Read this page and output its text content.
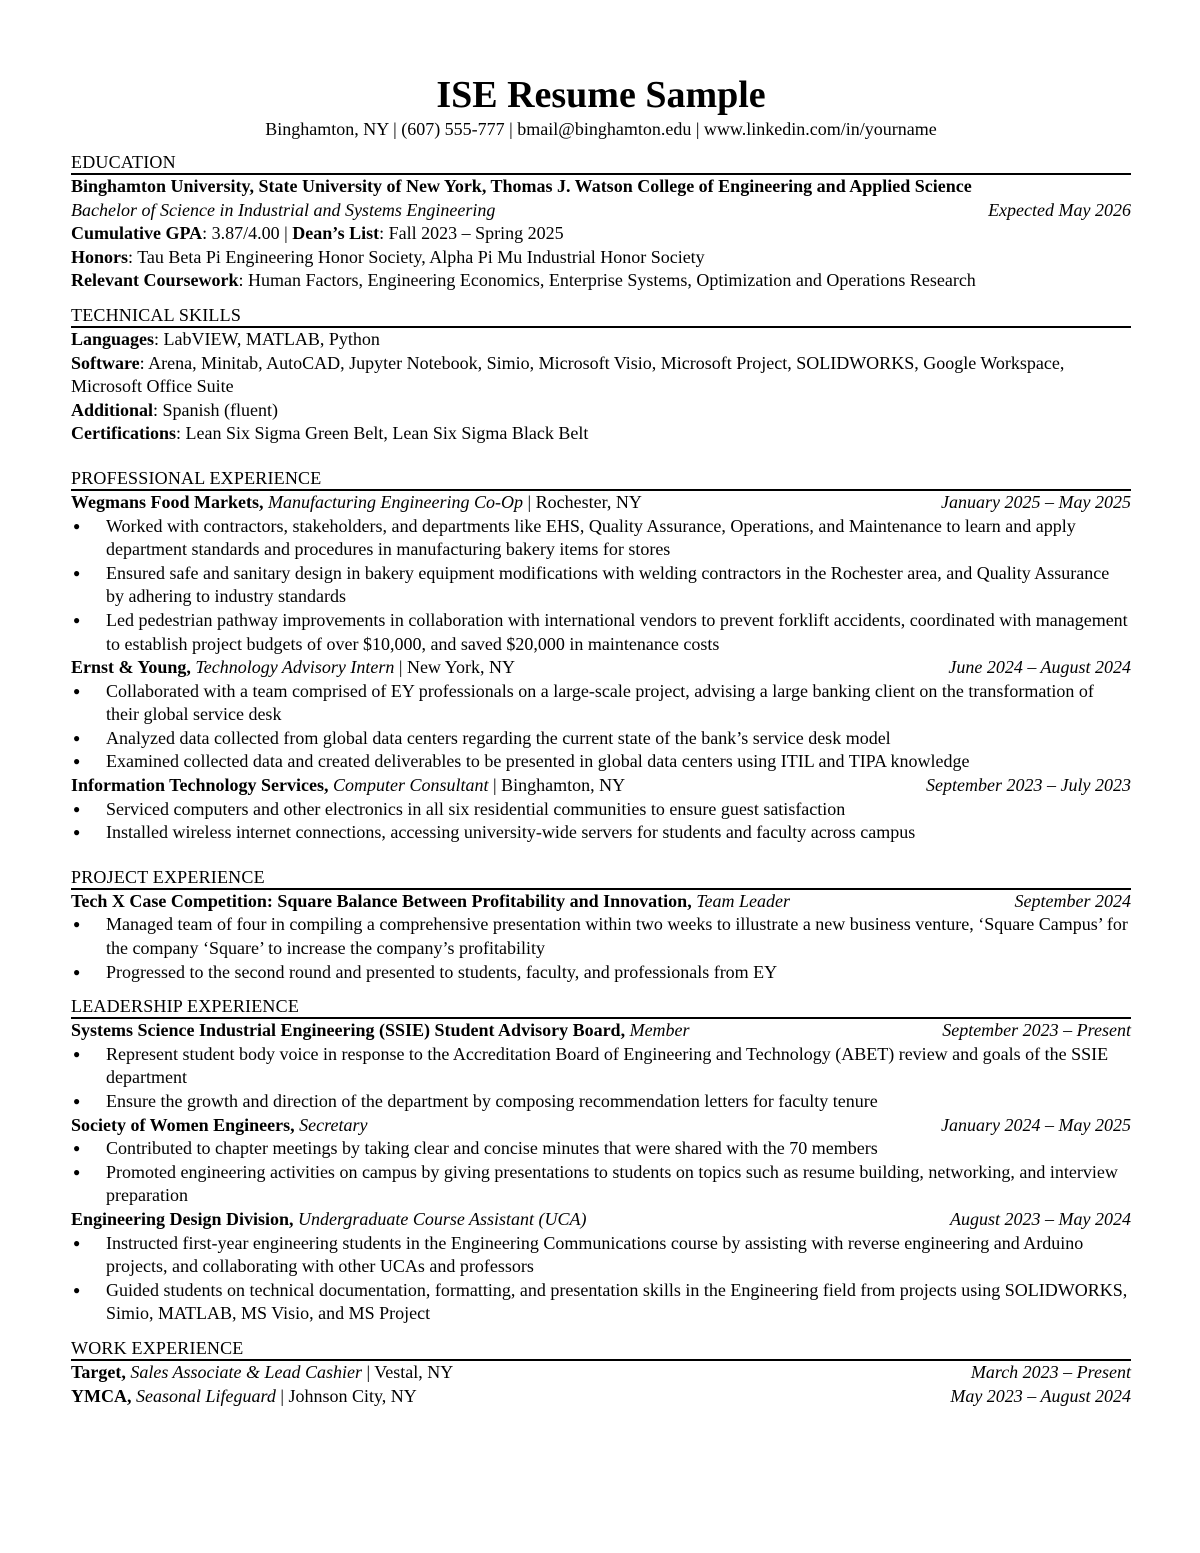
ISE Resume Sample
Binghamton, NY | (607) 555-777 | bmail@binghamton.edu | www.linkedin.com/in/yourname
EDUCATION
Binghamton University, State University of New York, Thomas J. Watson College of Engineering and Applied Science
Bachelor of Science in Industrial and Systems Engineering	Expected May 2026
Cumulative GPA: 3.87/4.00 | Dean’s List: Fall 2023 – Spring 2025
Honors: Tau Beta Pi Engineering Honor Society, Alpha Pi Mu Industrial Honor Society
Relevant Coursework: Human Factors, Engineering Economics, Enterprise Systems, Optimization and Operations Research
TECHNICAL SKILLS
Languages: LabVIEW, MATLAB, Python
Software: Arena, Minitab, AutoCAD, Jupyter Notebook, Simio, Microsoft Visio, Microsoft Project, SOLIDWORKS, Google Workspace, Microsoft Office Suite
Additional: Spanish (fluent)
Certifications: Lean Six Sigma Green Belt, Lean Six Sigma Black Belt
PROFESSIONAL EXPERIENCE
Wegmans Food Markets, Manufacturing Engineering Co-Op | Rochester, NY	January 2025 – May 2025
● Worked with contractors, stakeholders, and departments like EHS, Quality Assurance, Operations, and Maintenance to learn and apply department standards and procedures in manufacturing bakery items for stores
● Ensured safe and sanitary design in bakery equipment modifications with welding contractors in the Rochester area, and Quality Assurance by adhering to industry standards
● Led pedestrian pathway improvements in collaboration with international vendors to prevent forklift accidents, coordinated with management to establish project budgets of over $10,000, and saved $20,000 in maintenance costs
Ernst & Young, Technology Advisory Intern | New York, NY	June 2024 – August 2024
● Collaborated with a team comprised of EY professionals on a large-scale project, advising a large banking client on the transformation of their global service desk
● Analyzed data collected from global data centers regarding the current state of the bank’s service desk model
● Examined collected data and created deliverables to be presented in global data centers using ITIL and TIPA knowledge
Information Technology Services, Computer Consultant | Binghamton, NY	September 2023 – July 2023
● Serviced computers and other electronics in all six residential communities to ensure guest satisfaction
● Installed wireless internet connections, accessing university-wide servers for students and faculty across campus
PROJECT EXPERIENCE
Tech X Case Competition: Square Balance Between Profitability and Innovation, Team Leader	September 2024
● Managed team of four in compiling a comprehensive presentation within two weeks to illustrate a new business venture, ‘Square Campus’ for the company ‘Square’ to increase the company’s profitability
● Progressed to the second round and presented to students, faculty, and professionals from EY
LEADERSHIP EXPERIENCE
Systems Science Industrial Engineering (SSIE) Student Advisory Board, Member	September 2023 – Present
● Represent student body voice in response to the Accreditation Board of Engineering and Technology (ABET) review and goals of the SSIE department
● Ensure the growth and direction of the department by composing recommendation letters for faculty tenure
Society of Women Engineers, Secretary	January 2024 – May 2025
● Contributed to chapter meetings by taking clear and concise minutes that were shared with the 70 members
● Promoted engineering activities on campus by giving presentations to students on topics such as resume building, networking, and interview preparation
Engineering Design Division, Undergraduate Course Assistant (UCA)	August 2023 – May 2024
● Instructed first-year engineering students in the Engineering Communications course by assisting with reverse engineering and Arduino projects, and collaborating with other UCAs and professors
● Guided students on technical documentation, formatting, and presentation skills in the Engineering field from projects using SOLIDWORKS, Simio, MATLAB, MS Visio, and MS Project
WORK EXPERIENCE
Target, Sales Associate & Lead Cashier | Vestal, NY	March 2023 – Present
YMCA, Seasonal Lifeguard | Johnson City, NY	May 2023 – August 2024
